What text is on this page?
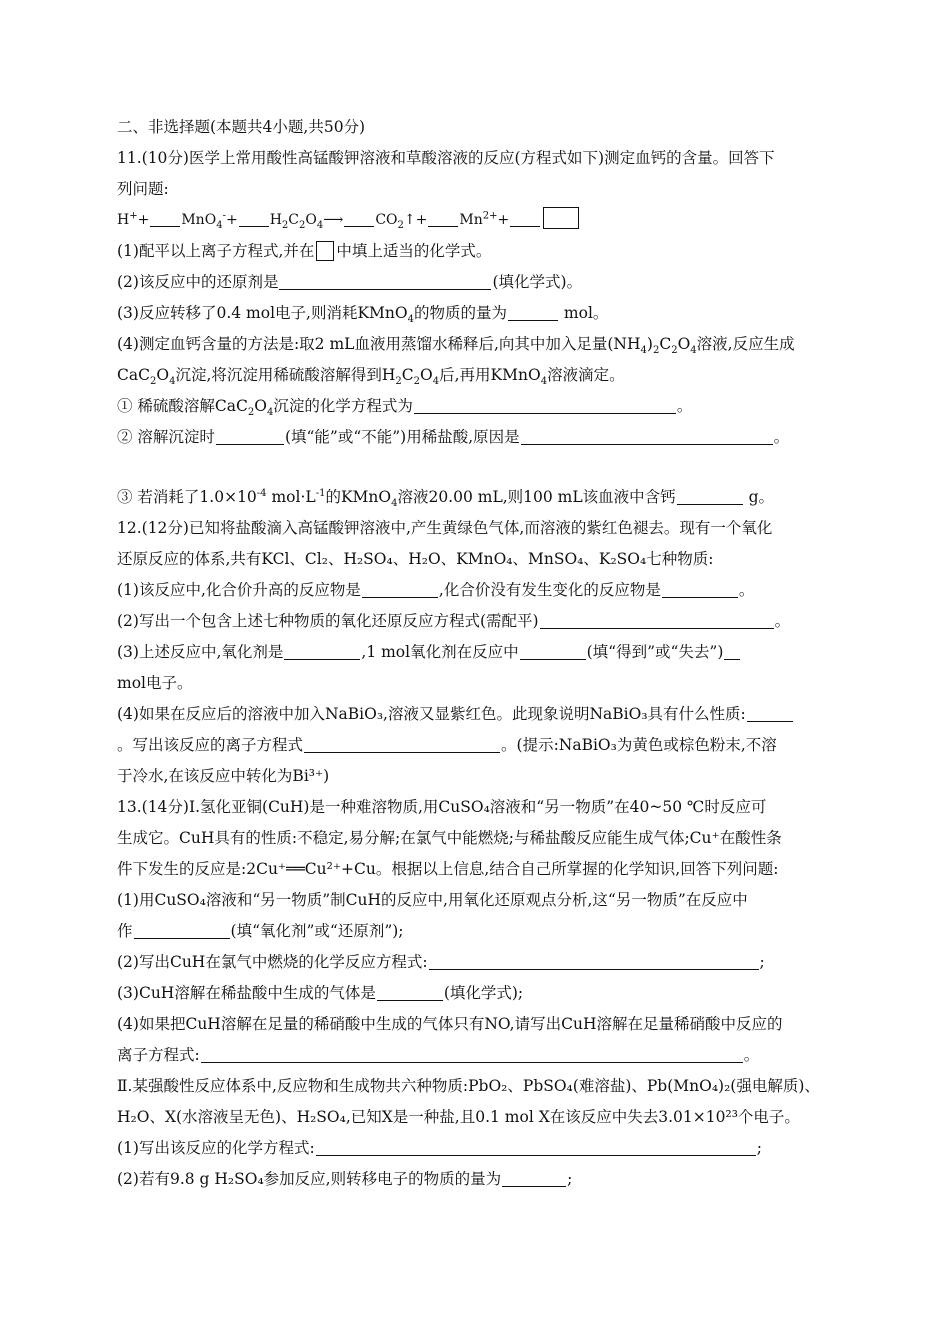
二、非选择题(本题共4小题,共50分)
11.(10分)医学上常用酸性高锰酸钾溶液和草酸溶液的反应(方程式如下)测定血钙的含量。回答下
列问题:
$H^++ MnO_4^-+ H_2C_2O_4⟶$ $CO_2↑+ Mn^{2+}+$
(1)配平以上离子方程式,并在 中填上适当的化学式。
(2)该反应中的还原剂是	(填化学式)。
(3)反应转移了0.4 mol电子,则消耗KMnO$_4$的物质的量为	mol。
(4)测定血钙含量的方法是:取2 mL血液用蒸馏水稀释后,向其中加入足量$(NH_4)_2C_2O_4$溶液,反应生成
$CaC_2O_4$沉淀,将沉淀用稀硫酸溶解得到$H_2C_2O_4$后,再用KMnO$_4$溶液滴定。
① 稀硫酸溶解$CaC_2O_4$沉淀的化学方程式为	。
② 溶解沉淀时	(填“能”或“不能”)用稀盐酸,原因是	。
③ 若消耗了$1.0\times 10^{-4}$ $mol\cdot L^{-1}$的KMnO$_4$溶液20.00 mL,则100 mL该血液中含钙	g。
12.(12分)已知将盐酸滴入高锰酸钾溶液中,产生黄绿色气体,而溶液的紫红色褪去。现有一个氧化
还原反应的体系,共有KCl、Cl₂、H₂SO₄、H₂O、KMnO₄、MnSO₄、K₂SO₄七种物质:
(1)该反应中,化合价升高的反应物是	,化合价没有发生变化的反应物是	。
(2)写出一个包含上述七种物质的氧化还原反应方程式(需配平)	。
(3)上述反应中,氧化剂是	,1 mol氧化剂在反应中	(填“得到”或“失去”)
mol电子。
(4)如果在反应后的溶液中加入NaBiO₃,溶液又显紫红色。此现象说明NaBiO₃具有什么性质:
。写出该反应的离子方程式	。(提示:NaBiO₃为黄色或棕色粉末,不溶
于冷水,在该反应中转化为Bi³⁺)
13.(14分)Ⅰ.氢化亚铜(CuH)是一种难溶物质,用CuSO₄溶液和“另一物质”在40~50 ℃时反应可
生成它。CuH具有的性质:不稳定,易分解;在氯气中能燃烧;与稀盐酸反应能生成气体;Cu⁺在酸性条
件下发生的反应是:2Cu⁺══Cu²⁺+Cu。根据以上信息,结合自己所掌握的化学知识,回答下列问题:
(1)用CuSO₄溶液和“另一物质”制CuH的反应中,用氧化还原观点分析,这“另一物质”在反应中
作	(填“氧化剂”或“还原剂”);
(2)写出CuH在氯气中燃烧的化学反应方程式:	;
(3)CuH溶解在稀盐酸中生成的气体是	(填化学式);
(4)如果把CuH溶解在足量的稀硝酸中生成的气体只有NO,请写出CuH溶解在足量稀硝酸中反应的
离子方程式:	。
Ⅱ.某强酸性反应体系中,反应物和生成物共六种物质:PbO₂、PbSO₄(难溶盐)、Pb(MnO₄)₂(强电解质)、
H₂O、X(水溶液呈无色)、H₂SO₄,已知X是一种盐,且0.1 mol X在该反应中失去3.01×10²³个电子。
(1)写出该反应的化学方程式:	;
(2)若有9.8 g H₂SO₄参加反应,则转移电子的物质的量为	;
